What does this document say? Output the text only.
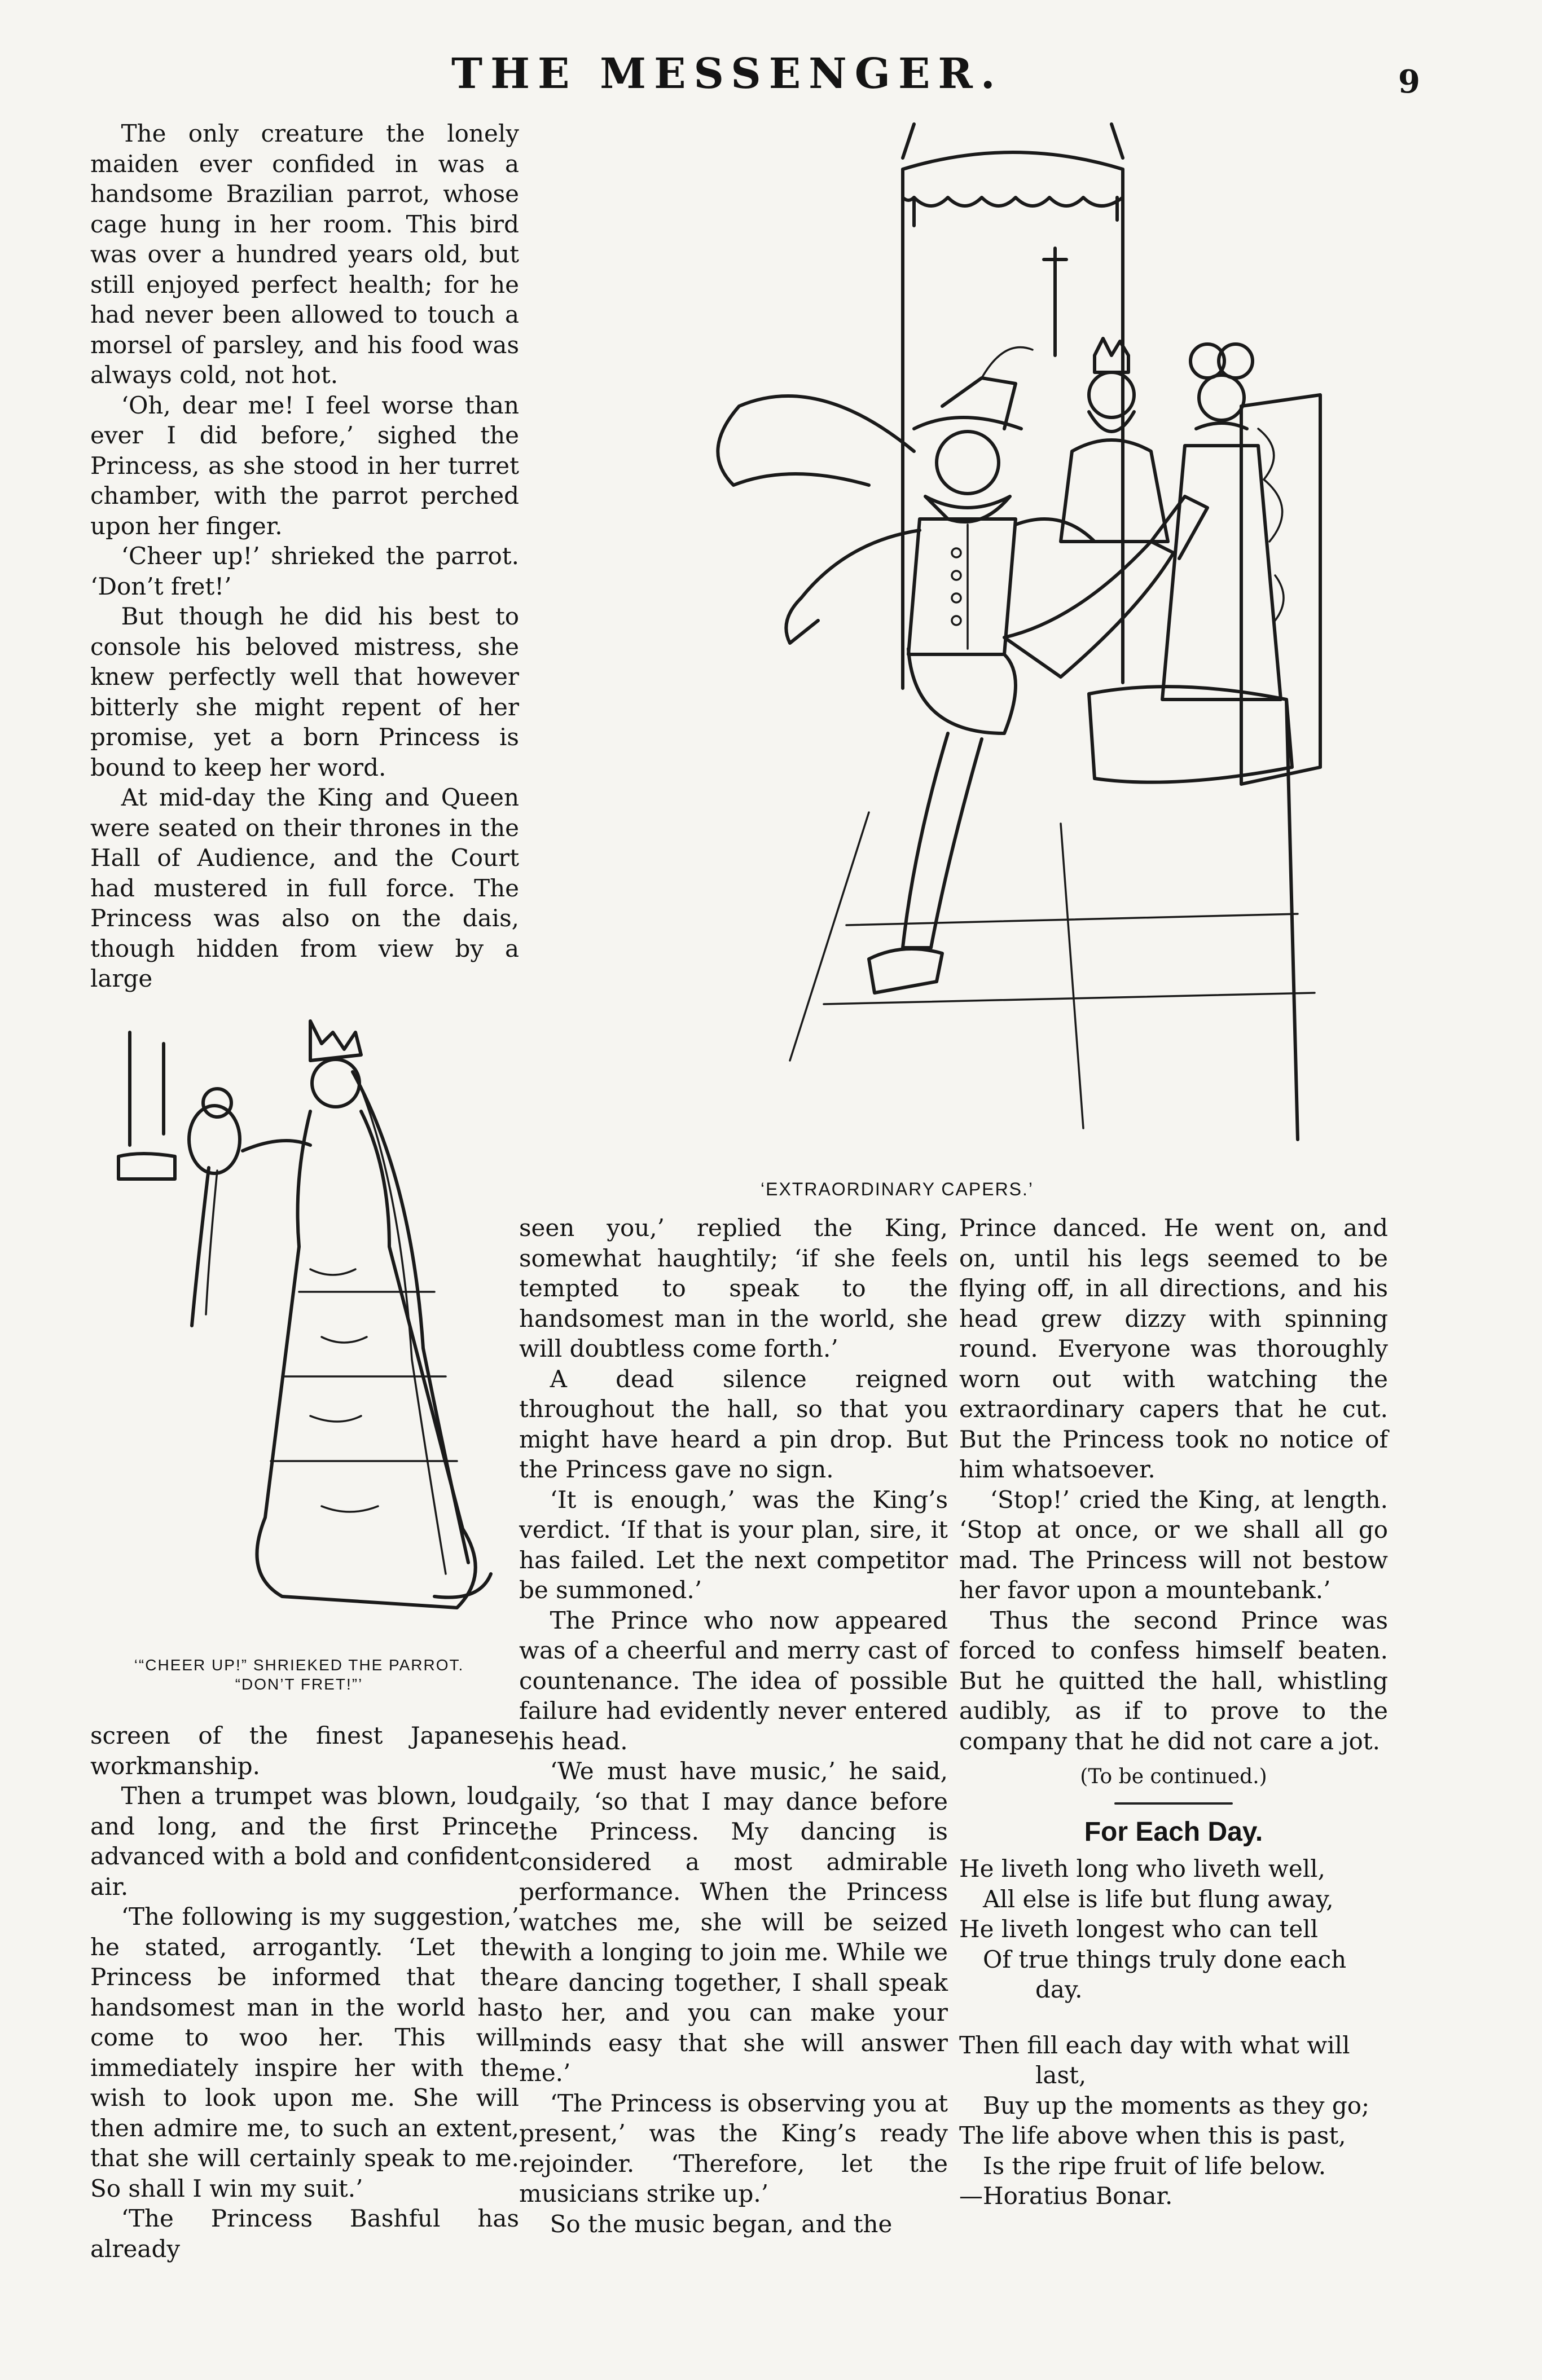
THE MESSENGER.	9

The only creature the lonely maiden ever confided in was a handsome Brazilian parrot, whose cage hung in her room. This bird was over a hundred years old, but still enjoyed perfect health; for he had never been allowed to touch a morsel of parsley, and his food was always cold, not hot.

‘Oh, dear me! I feel worse than ever I did before,’ sighed the Princess, as she stood in her turret chamber, with the parrot perched upon her finger.

‘Cheer up!’ shrieked the parrot. ‘Don’t fret!’

But though he did his best to console his beloved mistress, she knew perfectly well that however bitterly she might repent of her promise, yet a born Princess is bound to keep her word.

At mid-day the King and Queen were seated on their thrones in the Hall of Audience, and the Court had mustered in full force. The Princess was also on the dais, though hidden from view by a large

‘EXTRAORDINARY CAPERS.’
‘“CHEER UP!” SHRIEKED THE PARROT. “DON’T FRET!”’

screen of the finest Japanese workmanship.

Then a trumpet was blown, loud and long, and the first Prince advanced with a bold and confident air.

‘The following is my suggestion,’ he stated, arrogantly. ‘Let the Princess be informed that the handsomest man in the world has come to woo her. This will immediately inspire her with the wish to look upon me. She will then admire me, to such an extent, that she will certainly speak to me. So shall I win my suit.’

‘The Princess Bashful has already

seen you,’ replied the King, somewhat haughtily; ‘if she feels tempted to speak to the handsomest man in the world, she will doubtless come forth.’

A dead silence reigned throughout the hall, so that you might have heard a pin drop. But the Princess gave no sign.

‘It is enough,’ was the King’s verdict. ‘If that is your plan, sire, it has failed. Let the next competitor be summoned.’

The Prince who now appeared was of a cheerful and merry cast of countenance. The idea of possible failure had evidently never entered his head.

‘We must have music,’ he said, gaily, ‘so that I may dance before the Princess. My dancing is considered a most admirable performance. When the Princess watches me, she will be seized with a longing to join me. While we are dancing together, I shall speak to her, and you can make your minds easy that she will answer me.’

‘The Princess is observing you at present,’ was the King’s ready rejoinder. ‘Therefore, let the musicians strike up.’

So the music began, and the

Prince danced. He went on, and on, until his legs seemed to be flying off, in all directions, and his head grew dizzy with spinning round. Everyone was thoroughly worn out with watching the extraordinary capers that he cut. But the Princess took no notice of him whatsoever.

‘Stop!’ cried the King, at length. ‘Stop at once, or we shall all go mad. The Princess will not bestow her favor upon a mountebank.’

Thus the second Prince was forced to confess himself beaten. But he quitted the hall, whistling audibly, as if to prove to the company that he did not care a jot.

(To be continued.)

For Each Day.
He liveth long who liveth well,
All else is life but flung away,
He liveth longest who can tell
Of true things truly done each
day.
Then fill each day with what will
last,
Buy up the moments as they go;
The life above when this is past,
Is the ripe fruit of life below.
—Horatius Bonar.
